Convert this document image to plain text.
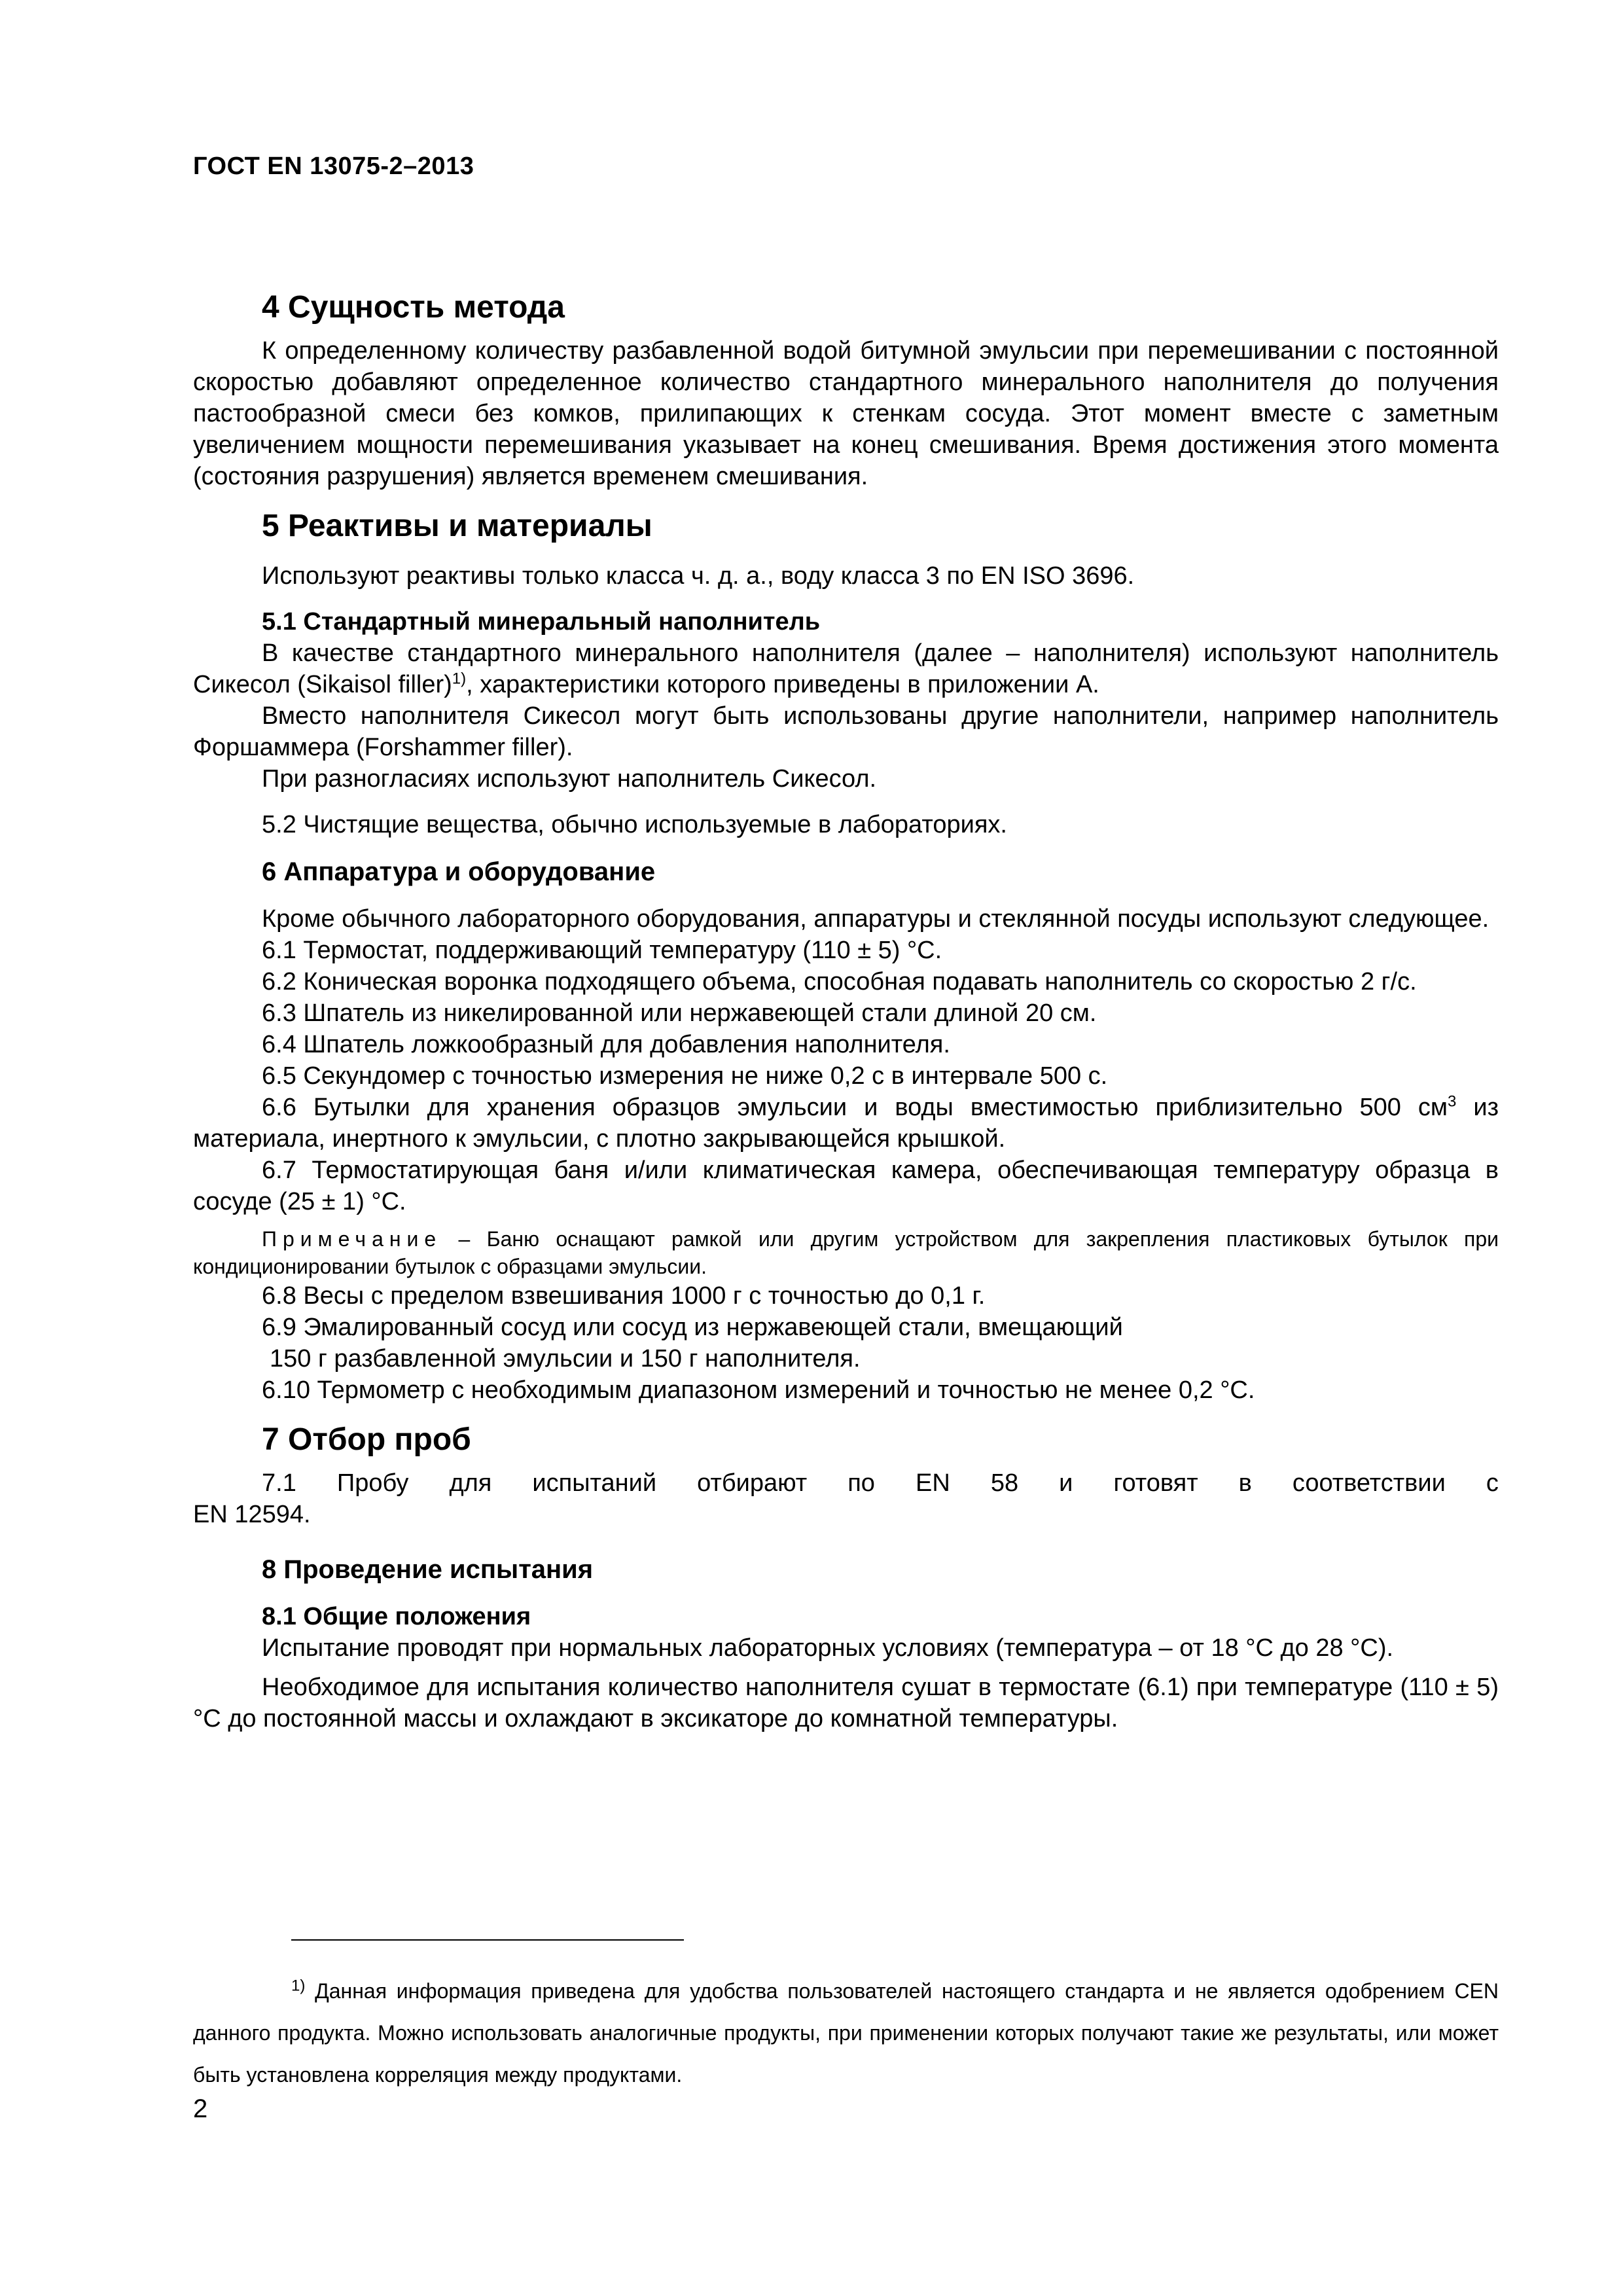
ГОСТ EN 13075-2–2013
4 Сущность метода

К определенному количеству разбавленной водой битумной эмульсии при перемешивании с постоянной скоростью добавляют определенное количество стандартного минерального наполнителя до получения пастообразной смеси без комков, прилипающих к стенкам сосуда. Этот момент вместе с заметным увеличением мощности перемешивания указывает на конец смешивания. Время достижения этого момента (состояния разрушения) является временем смешивания.

5 Реактивы и материалы

Используют реактивы только класса ч. д. а., воду класса 3 по EN ISO 3696.

5.1 Стандартный минеральный наполнитель

В качестве стандартного минерального наполнителя (далее – наполнителя) используют наполнитель Сикесол (Sikaisol filler)$^{1)}$, характеристики которого приведены в приложении А.

Вместо наполнителя Сикесол могут быть использованы другие наполнители, например наполнитель Форшаммера (Forshammer filler).

При разногласиях используют наполнитель Сикесол.

5.2 Чистящие вещества, обычно используемые в лабораториях.

6 Аппаратура и оборудование

Кроме обычного лабораторного оборудования, аппаратуры и стеклянной посуды используют следующее.

6.1 Термостат, поддерживающий температуру (110 ± 5) °С.

6.2 Коническая воронка подходящего объема, способная подавать наполнитель со скоростью 2 г/с.

6.3 Шпатель из никелированной или нержавеющей стали длиной 20 см.

6.4 Шпатель ложкообразный для добавления наполнителя.

6.5 Секундомер с точностью измерения не ниже 0,2 с в интервале 500 с.

6.6 Бутылки для хранения образцов эмульсии и воды вместимостью приблизительно 500 $см^3$ из материала, инертного к эмульсии, с плотно закрывающейся крышкой.

6.7 Термостатирующая баня и/или климатическая камера, обеспечивающая температуру образца в сосуде (25 ± 1) °С.

Примечание – Баню оснащают рамкой или другим устройством для закрепления пластиковых бутылок при кондиционировании бутылок с образцами эмульсии.

6.8 Весы с пределом взвешивания 1000 г с точностью до 0,1 г.

6.9 Эмалированный сосуд или сосуд из нержавеющей стали, вмещающий

150 г разбавленной эмульсии и 150 г наполнителя.

6.10 Термометр с необходимым диапазоном измерений и точностью не менее 0,2 °С.

7 Отбор проб
7.1 Пробу для испытаний отбирают по EN 58 и готовят в соответствии с

EN 12594.

8 Проведение испытания
8.1 Общие положения

Испытание проводят при нормальных лабораторных условиях (температура – от 18 °С до 28 °С).

Необходимое для испытания количество наполнителя сушат в термостате (6.1) при температуре (110 ± 5) °С до постоянной массы и охлаждают в эксикаторе до комнатной температуры.

$^{1)}$ Данная информация приведена для удобства пользователей настоящего стандарта и не является одобрением CEN данного продукта. Можно использовать аналогичные продукты, при применении которых получают такие же результаты, или может быть установлена корреляция между продуктами.

2
